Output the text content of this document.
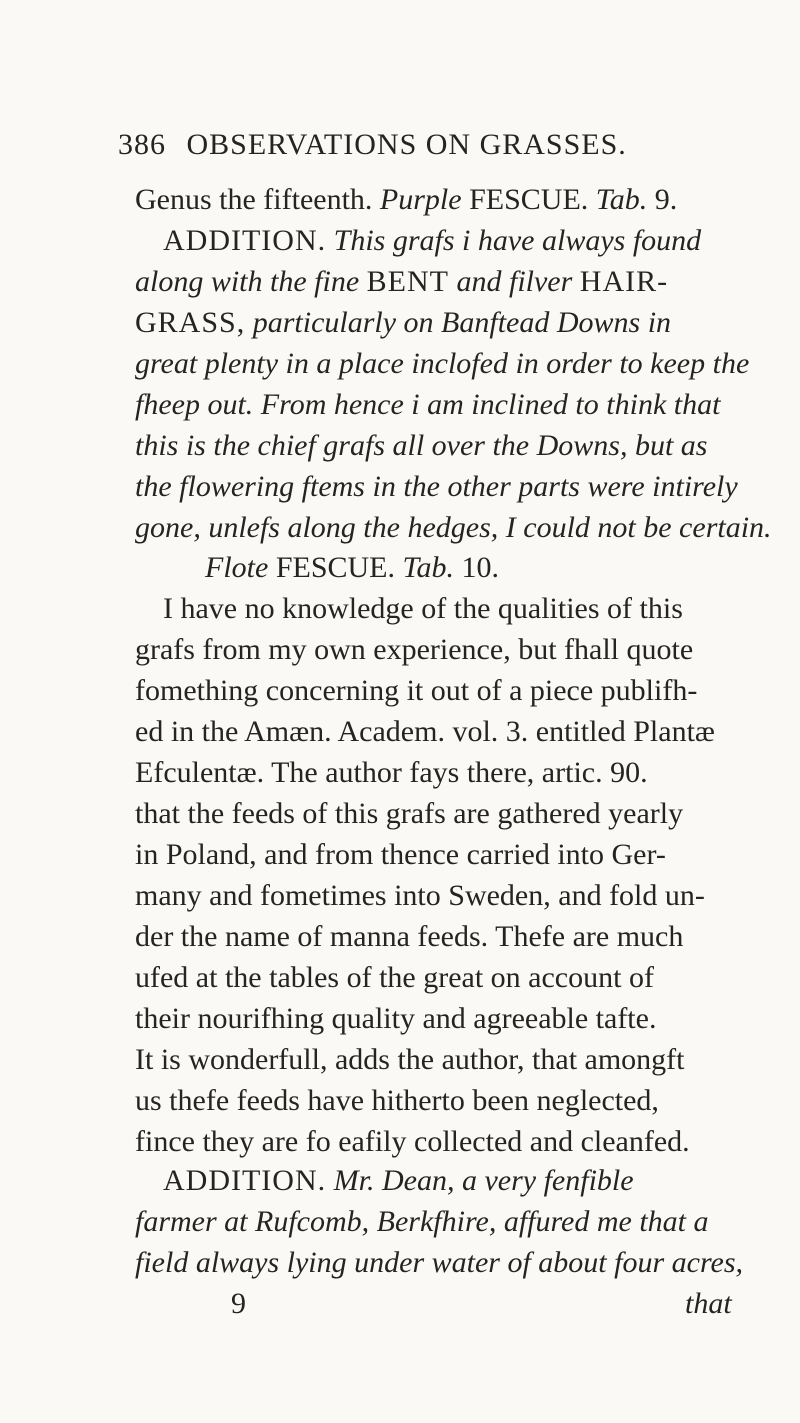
386 OBSERVATIONS ON GRASSES.
Genus the fifteenth. Purple FESCUE. Tab. 9.
ADDITION. This grafs i have always found
along with the fine BENT and filver HAIR-
GRASS, particularly on Banftead Downs in
great plenty in a place inclofed in order to keep the
fheep out. From hence i am inclined to think that
this is the chief grafs all over the Downs, but as
the flowering ftems in the other parts were intirely
gone, unlefs along the hedges, I could not be certain.
Flote FESCUE. Tab. 10.
I have no knowledge of the qualities of this
grafs from my own experience, but fhall quote
fomething concerning it out of a piece publifh-
ed in the Amæn. Academ. vol. 3. entitled Plantæ
Efculentæ. The author fays there, artic. 90.
that the feeds of this grafs are gathered yearly
in Poland, and from thence carried into Ger-
many and fometimes into Sweden, and fold un-
der the name of manna feeds. Thefe are much
ufed at the tables of the great on account of
their nourifhing quality and agreeable tafte.
It is wonderfull, adds the author, that amongft
us thefe feeds have hitherto been neglected,
fince they are fo eafily collected and cleanfed.
ADDITION. Mr. Dean, a very fenfible
farmer at Rufcomb, Berkfhire, affured me that a
field always lying under water of about four acres,
9	that
